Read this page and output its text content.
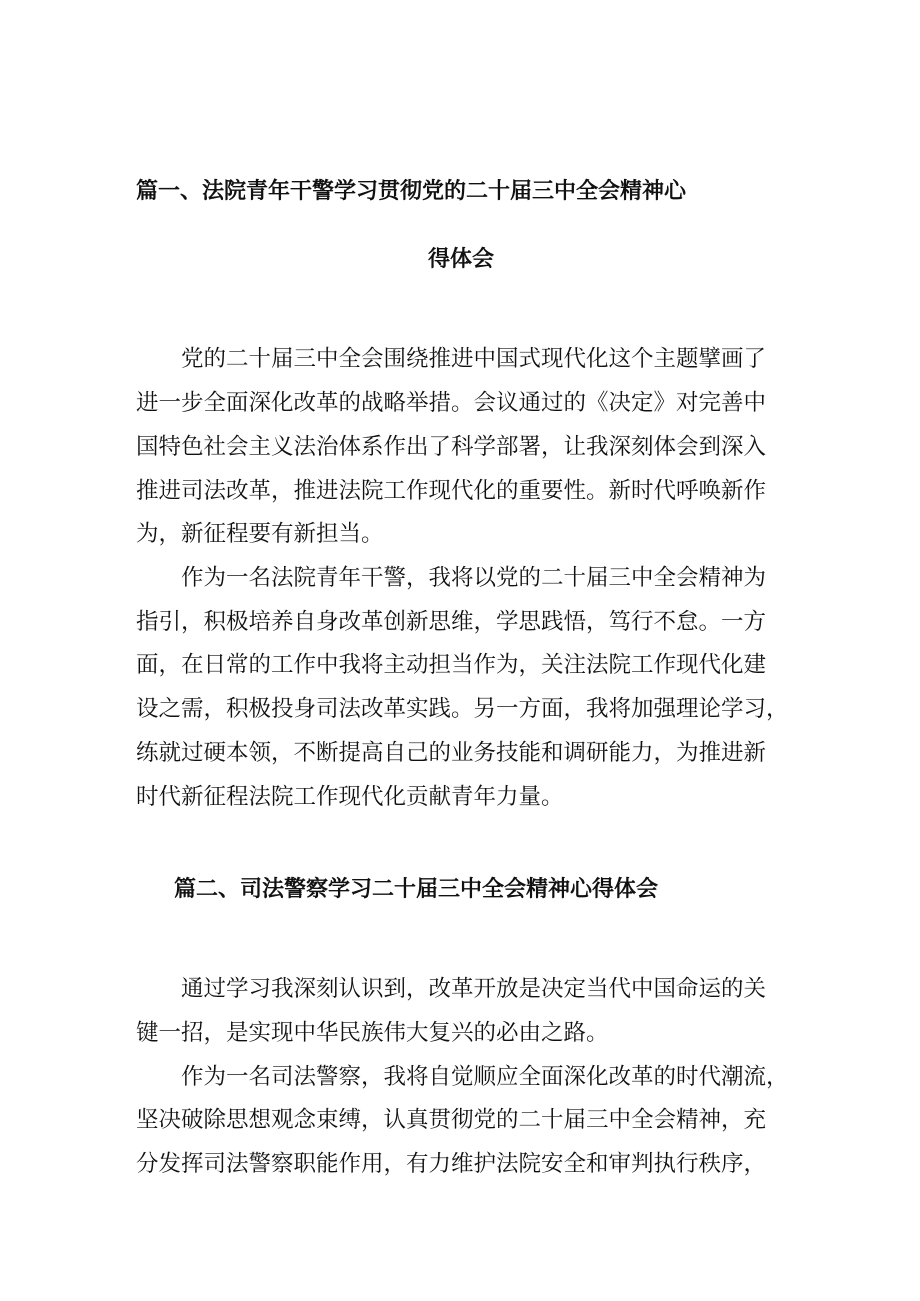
篇一、法院青年干警学习贯彻党的二十届三中全会精神心
得体会
党的二十届三中全会围绕推进中国式现代化这个主题擘画了
进一步全面深化改革的战略举措。会议通过的《决定》对完善中
国特色社会主义法治体系作出了科学部署，让我深刻体会到深入
推进司法改革，推进法院工作现代化的重要性。新时代呼唤新作
为，新征程要有新担当。
作为一名法院青年干警，我将以党的二十届三中全会精神为
指引，积极培养自身改革创新思维，学思践悟，笃行不怠。一方
面，在日常的工作中我将主动担当作为，关注法院工作现代化建
设之需，积极投身司法改革实践。另一方面，我将加强理论学习，
练就过硬本领，不断提高自己的业务技能和调研能力，为推进新
时代新征程法院工作现代化贡献青年力量。
篇二、司法警察学习二十届三中全会精神心得体会
通过学习我深刻认识到，改革开放是决定当代中国命运的关
键一招，是实现中华民族伟大复兴的必由之路。
作为一名司法警察，我将自觉顺应全面深化改革的时代潮流，
坚决破除思想观念束缚，认真贯彻党的二十届三中全会精神，充
分发挥司法警察职能作用，有力维护法院安全和审判执行秩序，
